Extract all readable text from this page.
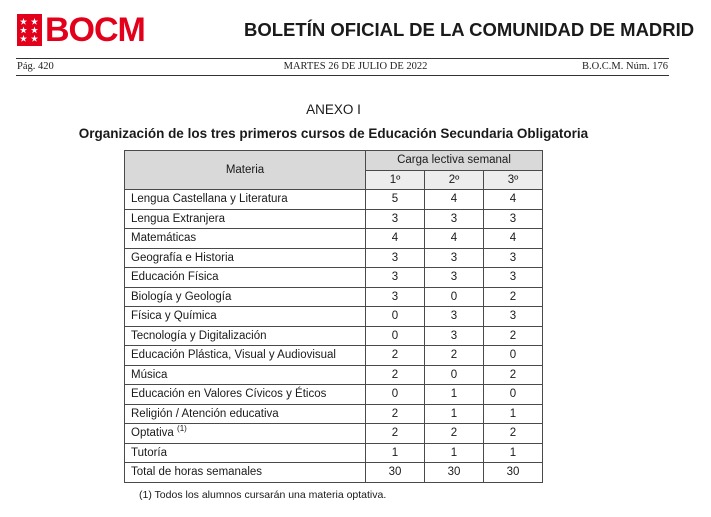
BOCM	BOLETÍN OFICIAL DE LA COMUNIDAD DE MADRID
Pág. 420	MARTES 26 DE JULIO DE 2022	B.O.C.M. Núm. 176
ANEXO I
Organización de los tres primeros cursos de Educación Secundaria Obligatoria
Materia	Carga lectiva semanal		
	1º	2º	3º
Lengua Castellana y Literatura	5	4	4
Lengua Extranjera	3	3	3
Matemáticas	4	4	4
Geografía e Historia	3	3	3
Educación Física	3	3	3
Biología y Geología	3	0	2
Física y Química	0	3	3
Tecnología y Digitalización	0	3	2
Educación Plástica, Visual y Audiovisual	2	2	0
Música	2	0	2
Educación en Valores Cívicos y Éticos	0	1	0
Religión / Atención educativa	2	1	1
Optativa $^{(1)}$	2	2	2
Tutoría	1	1	1
Total de horas semanales	30	30	30
(1) Todos los alumnos cursarán una materia optativa.
